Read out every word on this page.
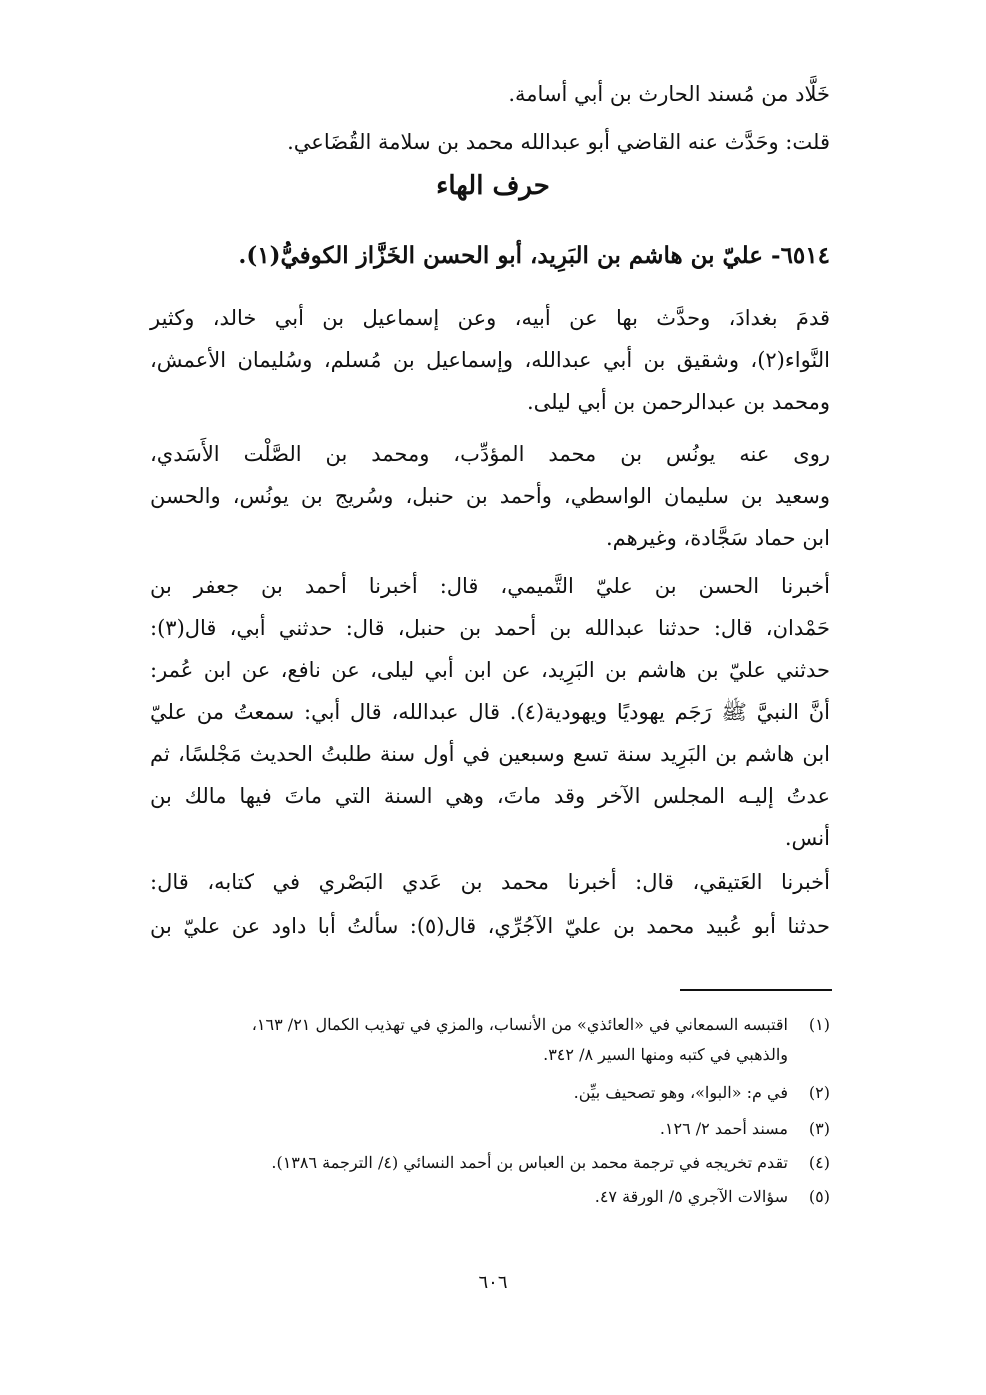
خَلَّاد من مُسند الحارث بن أبي أسامة.
قلت: وحَدَّث عنه القاضي أبو عبدالله محمد بن سلامة القُضَاعي.
حرف الهاء
٦٥١٤- عليّ بن هاشم بن البَرِيد، أبو الحسن الخَزَّاز الكوفيُّ(١).
قدمَ بغدادَ، وحدَّث بها عن أبيه، وعن إسماعيل بن أبي خالد، وكثير
النَّواء(٢)، وشقيق بن أبي عبدالله، وإسماعيل بن مُسلم، وسُليمان الأعمش،
ومحمد بن عبدالرحمن بن أبي ليلى.
روى عنه يونُس بن محمد المؤدِّب، ومحمد بن الصَّلْت الأَسَدي،
وسعيد بن سليمان الواسطي، وأحمد بن حنبل، وسُريج بن يونُس، والحسن
ابن حماد سَجَّادة، وغيرهم.
أخبرنا الحسن بن عليّ التَّميمي، قال: أخبرنا أحمد بن جعفر بن
حَمْدان، قال: حدثنا عبدالله بن أحمد بن حنبل، قال: حدثني أبي، قال(٣):
حدثني عليّ بن هاشم بن البَرِيد، عن ابن أبي ليلى، عن نافع، عن ابن عُمر:
أنَّ النبيَّ ﷺ رَجَم يهوديًا ويهودية(٤). قال عبدالله، قال أبي: سمعتُ من عليّ
ابن هاشم بن البَرِيد سنة تسع وسبعين في أول سنة طلبتُ الحديث مَجْلسًا، ثم
عدتُ إليـه المجلس الآخر وقد ماتَ، وهي السنة التي ماتَ فيها مالك بن
أنس.
أخبرنا العَتيقي، قال: أخبرنا محمد بن عَدي البَصْري في كتابه، قال:
حدثنا أبو عُبيد محمد بن عليّ الآجُرِّي، قال(٥): سألتُ أبا داود عن عليّ بن
(١)اقتبسه السمعاني في «العائذي» من الأنساب، والمزي في تهذيب الكمال ٢١/ ١٦٣،
والذهبي في كتبه ومنها السير ٨/ ٣٤٢.
(٢)في م: «البوا»، وهو تصحيف بيِّن.
(٣)مسند أحمد ٢/ ١٢٦.
(٤)تقدم تخريجه في ترجمة محمد بن العباس بن أحمد النسائي (٤/ الترجمة ١٣٨٦).
(٥)سؤالات الآجري ٥/ الورقة ٤٧.
٦٠٦
